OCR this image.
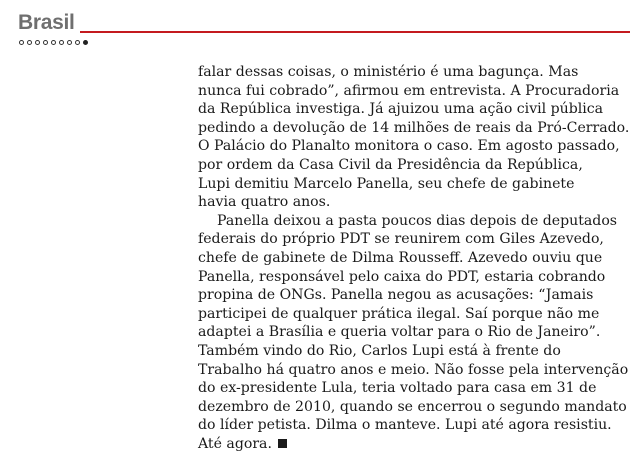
Brasil
falar dessas coisas, o ministério é uma bagunça. Mas
nunca fui cobrado”, afirmou em entrevista. A Procuradoria
da República investiga. Já ajuizou uma ação civil pública
pedindo a devolução de 14 milhões de reais da Pró-Cerrado.
O Palácio do Planalto monitora o caso. Em agosto passado,
por ordem da Casa Civil da Presidência da República,
Lupi demitiu Marcelo Panella, seu chefe de gabinete
havia quatro anos.
Panella deixou a pasta poucos dias depois de deputados
federais do próprio PDT se reunirem com Giles Azevedo,
chefe de gabinete de Dilma Rousseff. Azevedo ouviu que
Panella, responsável pelo caixa do PDT, estaria cobrando
propina de ONGs. Panella negou as acusações: “Jamais
participei de qualquer prática ilegal. Saí porque não me
adaptei a Brasília e queria voltar para o Rio de Janeiro”.
Também vindo do Rio, Carlos Lupi está à frente do
Trabalho há quatro anos e meio. Não fosse pela intervenção
do ex-presidente Lula, teria voltado para casa em 31 de
dezembro de 2010, quando se encerrou o segundo mandato
do líder petista. Dilma o manteve. Lupi até agora resistiu.
Até agora.
